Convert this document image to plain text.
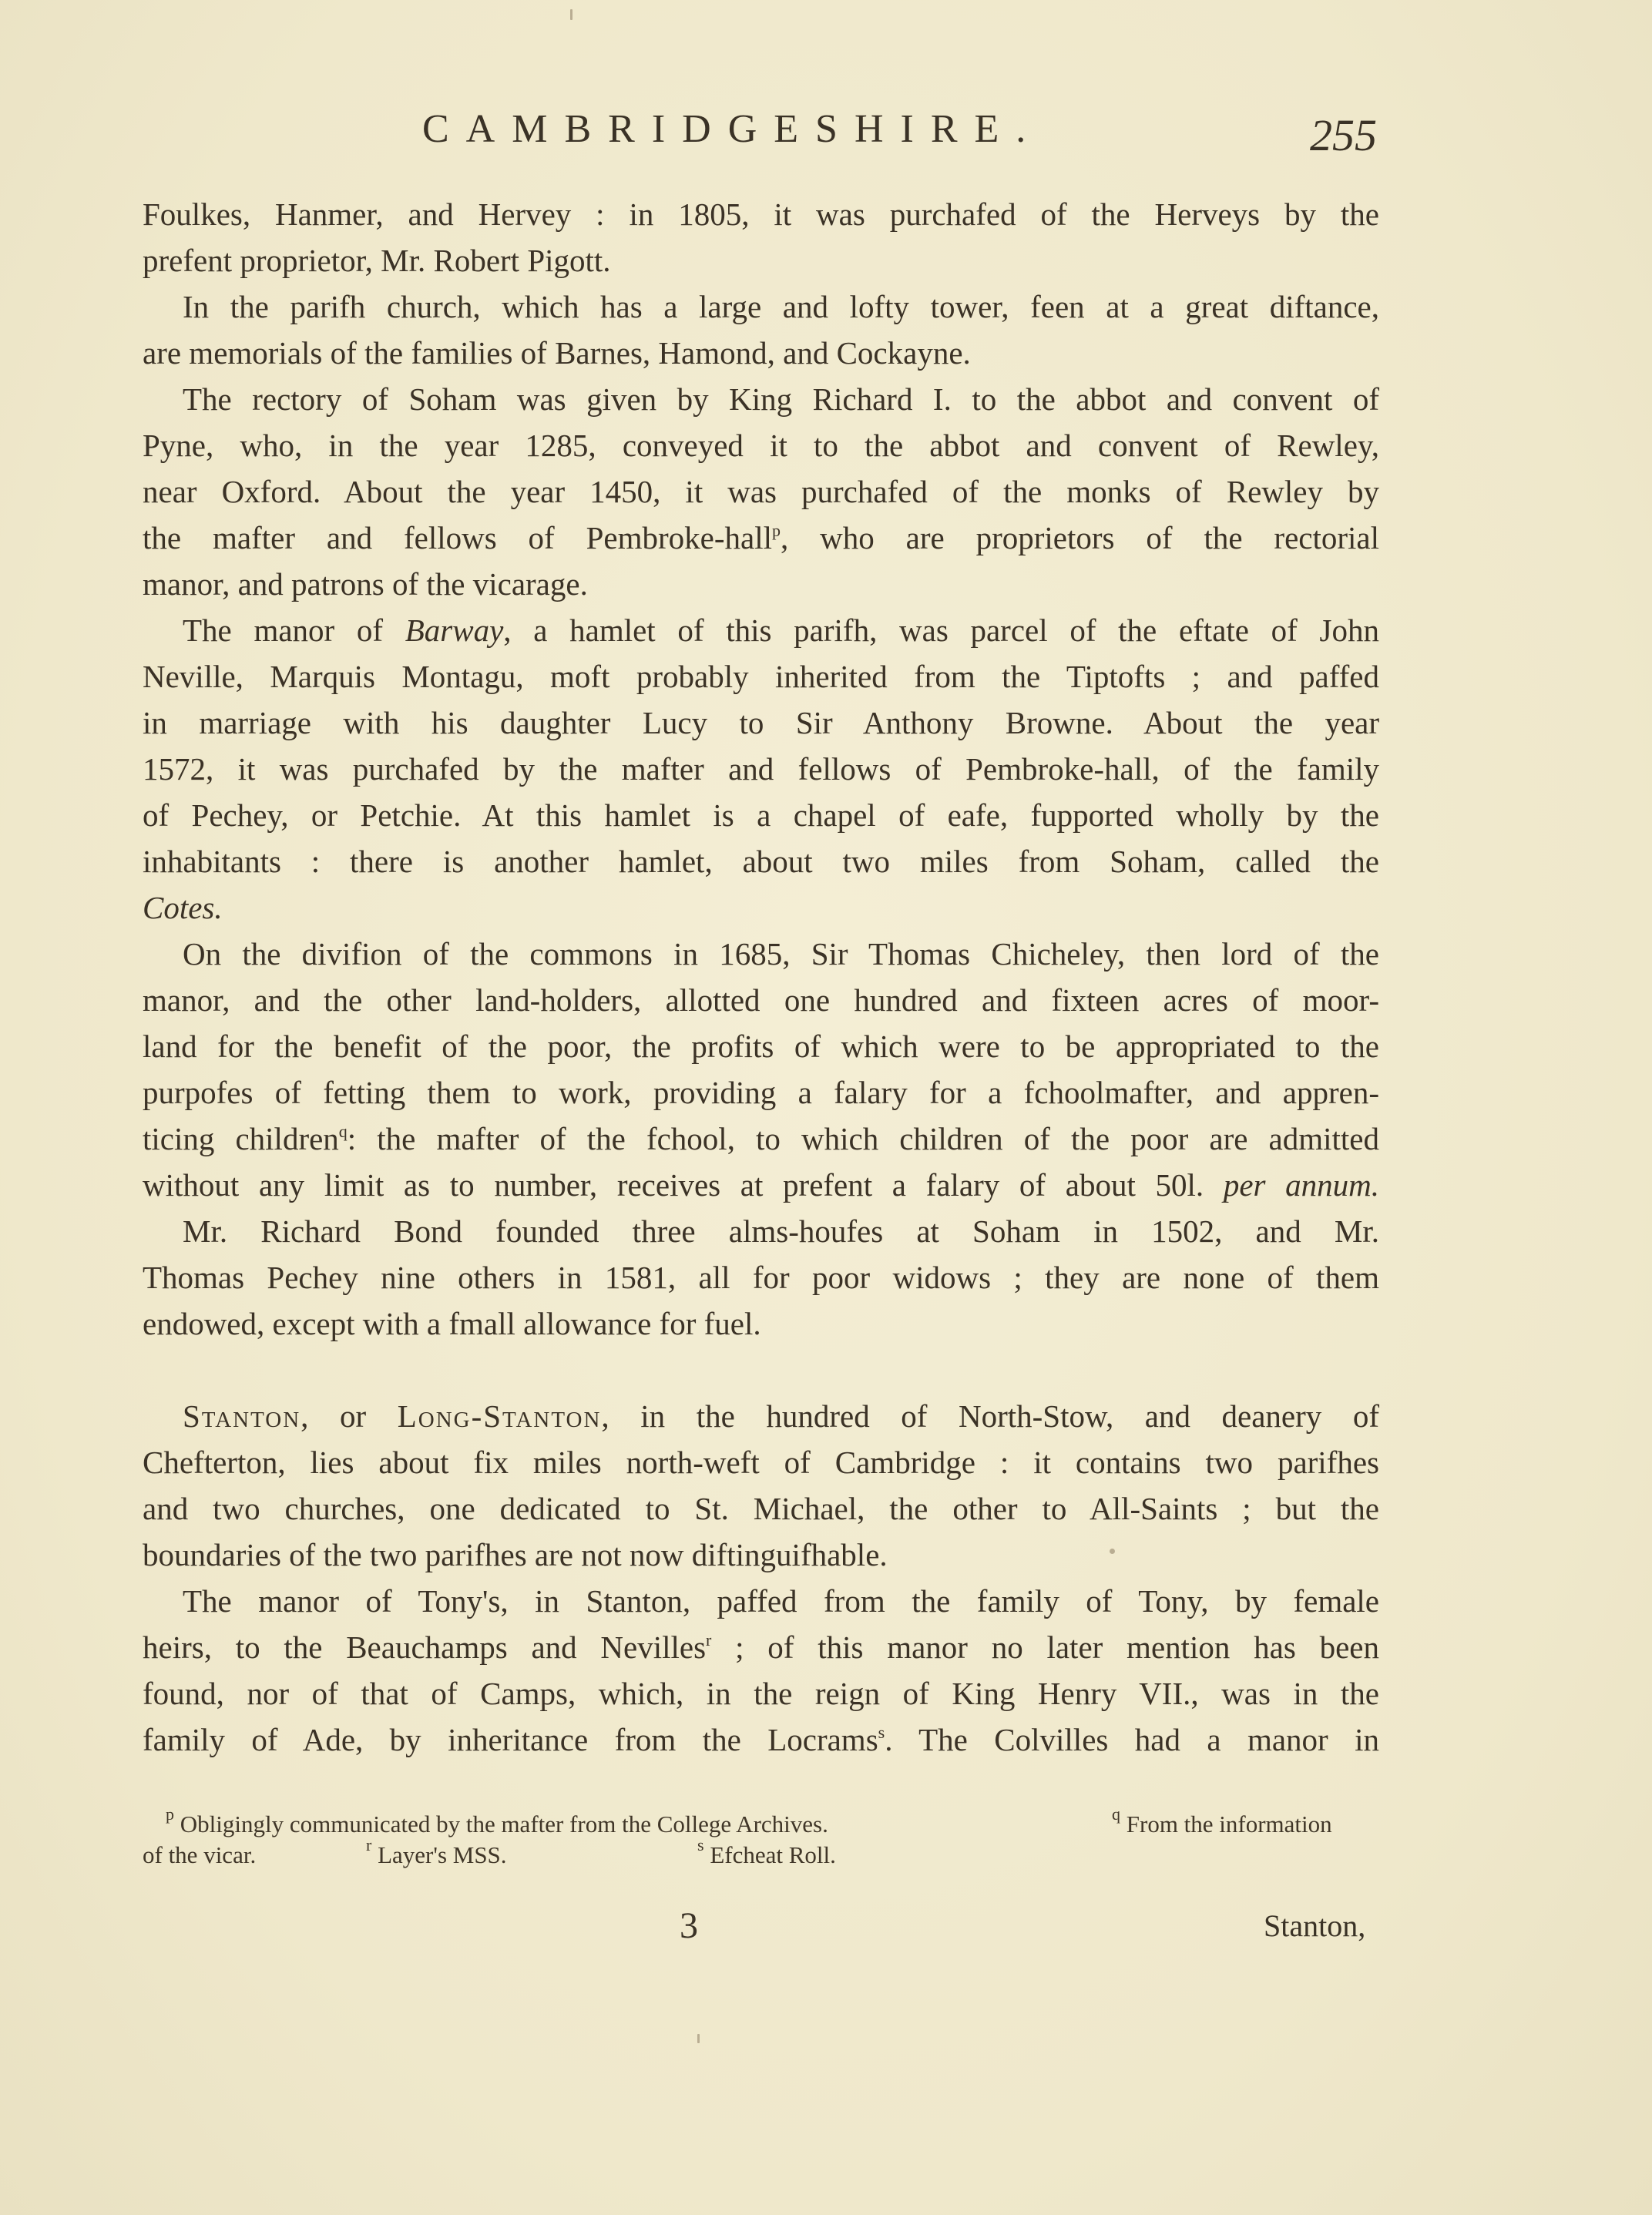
CAMBRIDGESHIRE.	255
Foulkes, Hanmer, and Hervey : in 1805, it was purchafed of the Herveys by the
prefent proprietor, Mr. Robert Pigott.
In the parifh church, which has a large and lofty tower, feen at a great diftance,
are memorials of the families of Barnes, Hamond, and Cockayne.
The rectory of Soham was given by King Richard I. to the abbot and convent of
Pyne, who, in the year 1285, conveyed it to the abbot and convent of Rewley,
near Oxford. About the year 1450, it was purchafed of the monks of Rewley by
the mafter and fellows of Pembroke-hall$^p$, who are proprietors of the rectorial
manor, and patrons of the vicarage.
The manor of Barway, a hamlet of this parifh, was parcel of the eftate of John
Neville, Marquis Montagu, moft probably inherited from the Tiptofts ; and paffed
in marriage with his daughter Lucy to Sir Anthony Browne. About the year
1572, it was purchafed by the mafter and fellows of Pembroke-hall, of the family
of Pechey, or Petchie. At this hamlet is a chapel of eafe, fupported wholly by the
inhabitants : there is another hamlet, about two miles from Soham, called the
Cotes.
On the divifion of the commons in 1685, Sir Thomas Chicheley, then lord of the
manor, and the other land-holders, allotted one hundred and fixteen acres of moor-
land for the benefit of the poor, the profits of which were to be appropriated to the
purpofes of fetting them to work, providing a falary for a fchoolmafter, and appren-
ticing children$^q$: the mafter of the fchool, to which children of the poor are admitted
without any limit as to number, receives at prefent a falary of about 50l. per annum.
Mr. Richard Bond founded three alms-houfes at Soham in 1502, and Mr.
Thomas Pechey nine others in 1581, all for poor widows ; they are none of them
endowed, except with a fmall allowance for fuel.
Stanton, or Long-Stanton, in the hundred of North-Stow, and deanery of
Chefterton, lies about fix miles north-weft of Cambridge : it contains two parifhes
and two churches, one dedicated to St. Michael, the other to All-Saints ; but the
boundaries of the two parifhes are not now diftinguifhable.
The manor of Tony's, in Stanton, paffed from the family of Tony, by female
heirs, to the Beauchamps and Nevilles$^r$ ; of this manor no later mention has been
found, nor of that of Camps, which, in the reign of King Henry VII., was in the
family of Ade, by inheritance from the Locrams$^s$. The Colvilles had a manor in
$^p$ Obligingly communicated by the mafter from the College Archives.	$^q$ From the information
of the vicar.	$^r$ Layer's MSS.	$^s$ Efcheat Roll.
3	Stanton,
